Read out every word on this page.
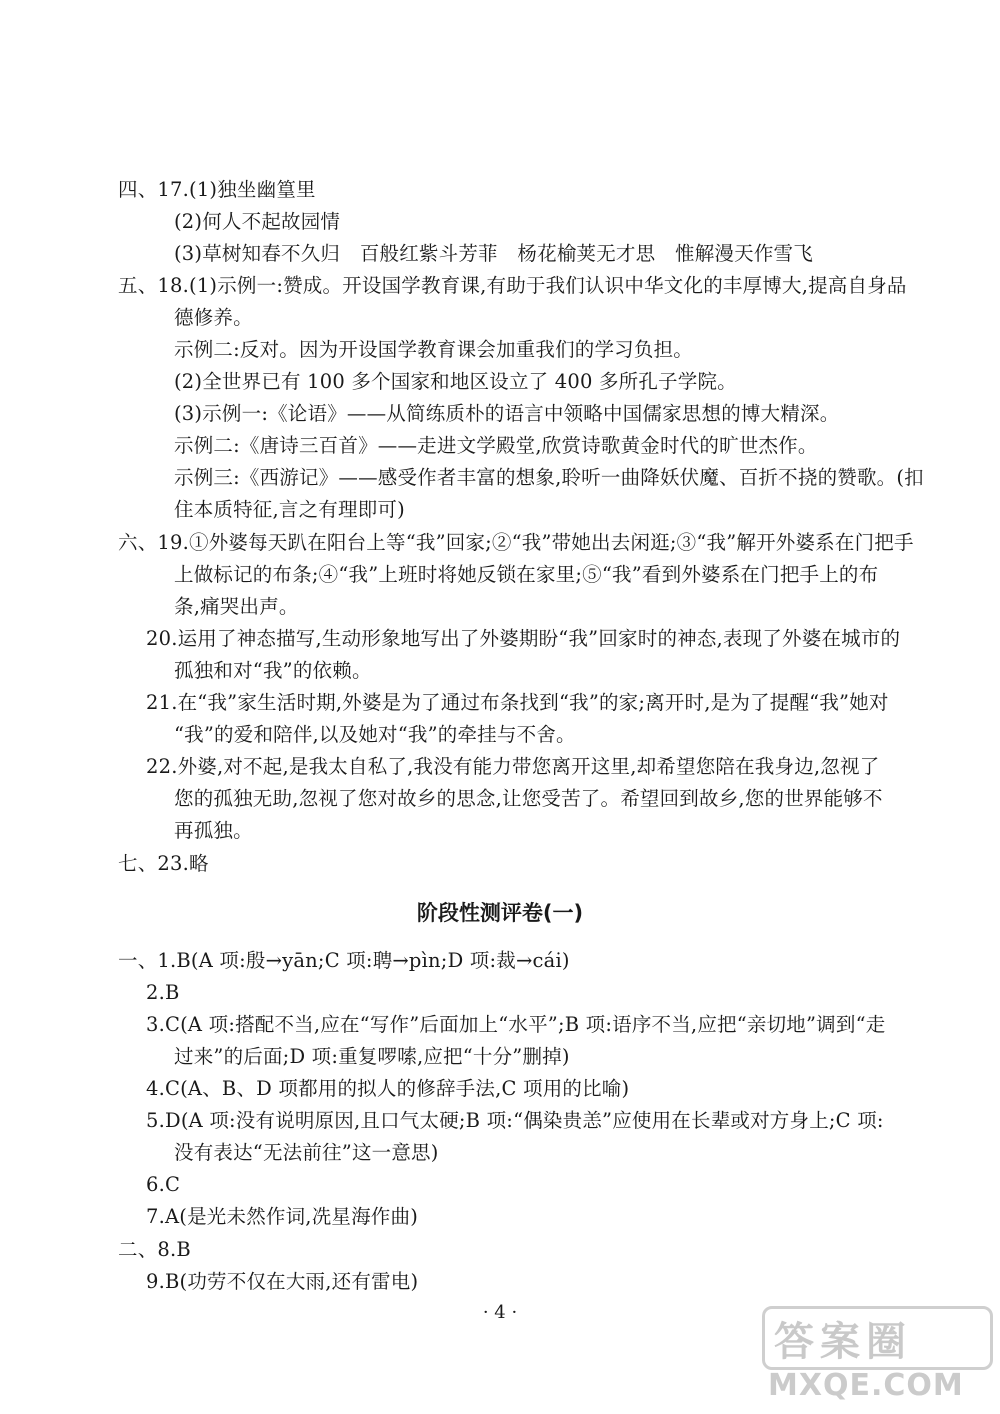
四、17.(1)独坐幽篁里
(2)何人不起故园情
(3)草树知春不久归　百般红紫斗芳菲　杨花榆荚无才思　惟解漫天作雪飞
五、18.(1)示例一:赞成。开设国学教育课,有助于我们认识中华文化的丰厚博大,提高自身品
德修养。
示例二:反对。因为开设国学教育课会加重我们的学习负担。
(2)全世界已有 100 多个国家和地区设立了 400 多所孔子学院。
(3)示例一:《论语》——从简练质朴的语言中领略中国儒家思想的博大精深。
示例二:《唐诗三百首》——走进文学殿堂,欣赏诗歌黄金时代的旷世杰作。
示例三:《西游记》——感受作者丰富的想象,聆听一曲降妖伏魔、百折不挠的赞歌。(扣
住本质特征,言之有理即可)
六、19.①外婆每天趴在阳台上等“我”回家;②“我”带她出去闲逛;③“我”解开外婆系在门把手
上做标记的布条;④“我”上班时将她反锁在家里;⑤“我”看到外婆系在门把手上的布
条,痛哭出声。
20.运用了神态描写,生动形象地写出了外婆期盼“我”回家时的神态,表现了外婆在城市的
孤独和对“我”的依赖。
21.在“我”家生活时期,外婆是为了通过布条找到“我”的家;离开时,是为了提醒“我”她对
“我”的爱和陪伴,以及她对“我”的牵挂与不舍。
22.外婆,对不起,是我太自私了,我没有能力带您离开这里,却希望您陪在我身边,忽视了
您的孤独无助,忽视了您对故乡的思念,让您受苦了。希望回到故乡,您的世界能够不
再孤独。
七、23.略
阶段性测评卷(一)
一、1.B(A 项:殷→yān;C 项:聘→pìn;D 项:裁→cái)
2.B
3.C(A 项:搭配不当,应在“写作”后面加上“水平”;B 项:语序不当,应把“亲切地”调到“走
过来”的后面;D 项:重复啰嗦,应把“十分”删掉)
4.C(A、B、D 项都用的拟人的修辞手法,C 项用的比喻)
5.D(A 项:没有说明原因,且口气太硬;B 项:“偶染贵恙”应使用在长辈或对方身上;C 项:
没有表达“无法前往”这一意思)
6.C
7.A(是光未然作词,冼星海作曲)
二、8.B
9.B(功劳不仅在大雨,还有雷电)
· 4 ·
答案圈
MXQE.COM
